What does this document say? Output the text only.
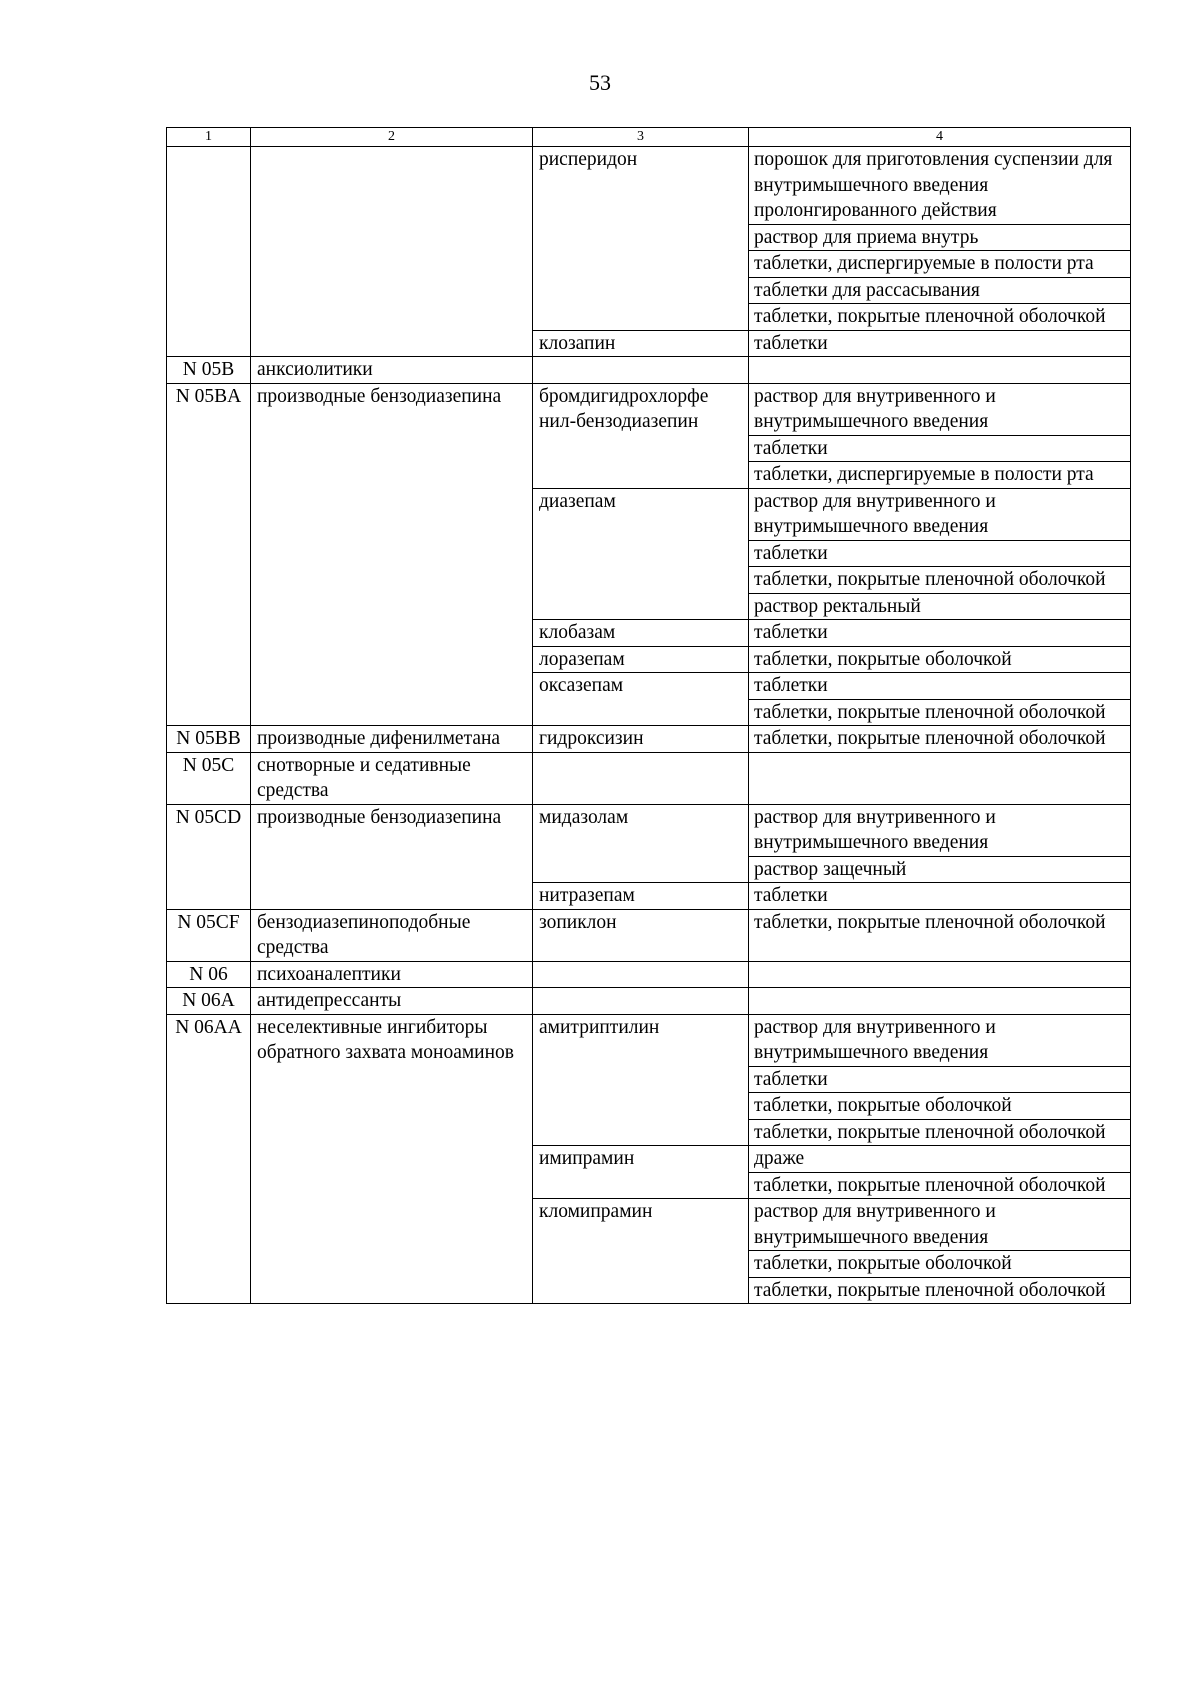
53
1	2	3	4
		рисперидон	порошок для приготовления суспензии для внутримышечного введения пролонгированного действия
			раствор для приема внутрь
			таблетки, диспергируемые в полости рта
			таблетки для рассасывания
			таблетки, покрытые пленочной оболочкой
		клозапин	таблетки
N 05B	анксиолитики		
N 05BA	производные бензодиазепина	бромдигидрохлорфе нил-бензодиазепин	раствор для внутривенного и внутримышечного введения
			таблетки
			таблетки, диспергируемые в полости рта
		диазепам	раствор для внутривенного и внутримышечного введения
			таблетки
			таблетки, покрытые пленочной оболочкой
			раствор ректальный
		клобазам	таблетки
		лоразепам	таблетки, покрытые оболочкой
		оксазепам	таблетки
			таблетки, покрытые пленочной оболочкой
N 05BB	производные дифенилметана	гидроксизин	таблетки, покрытые пленочной оболочкой
N 05C	снотворные и седативные средства		
N 05CD	производные бензодиазепина	мидазолам	раствор для внутривенного и внутримышечного введения
			раствор защечный
		нитразепам	таблетки
N 05CF	бензодиазепиноподобные средства	зопиклон	таблетки, покрытые пленочной оболочкой
N 06	психоаналептики		
N 06A	антидепрессанты		
N 06AA	неселективные ингибиторы обратного захвата моноаминов	амитриптилин	раствор для внутривенного и внутримышечного введения
			таблетки
			таблетки, покрытые оболочкой
			таблетки, покрытые пленочной оболочкой
		имипрамин	драже
			таблетки, покрытые пленочной оболочкой
		кломипрамин	раствор для внутривенного и внутримышечного введения
			таблетки, покрытые оболочкой
			таблетки, покрытые пленочной оболочкой
